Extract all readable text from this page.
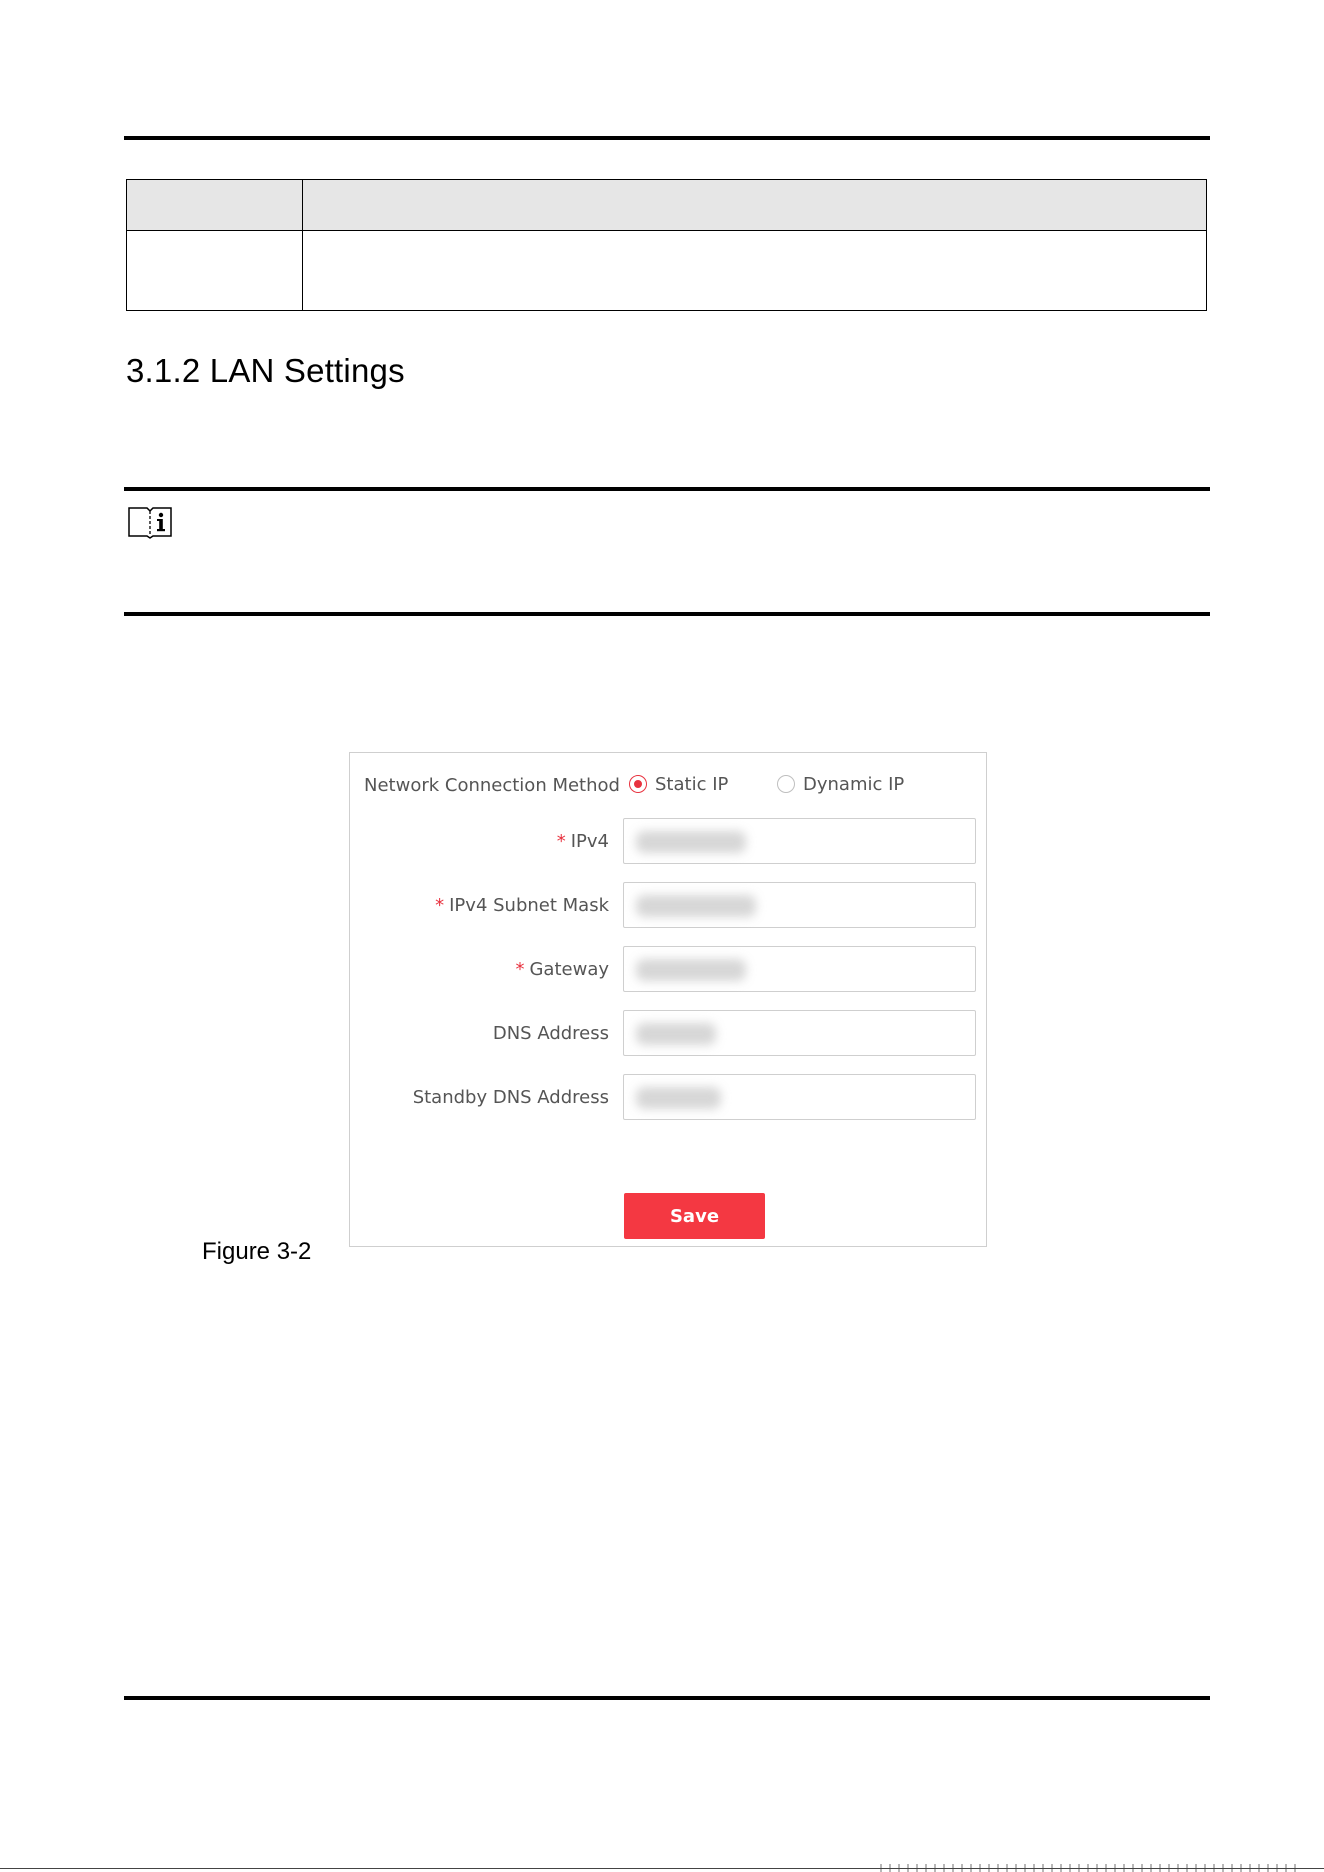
3.1.2 LAN Settings
Network Connection Method Static IP	Dynamic IP
* IPv4
* IPv4 Subnet Mask
* Gateway
DNS Address
Standby DNS Address
Save

Figure 3-2
